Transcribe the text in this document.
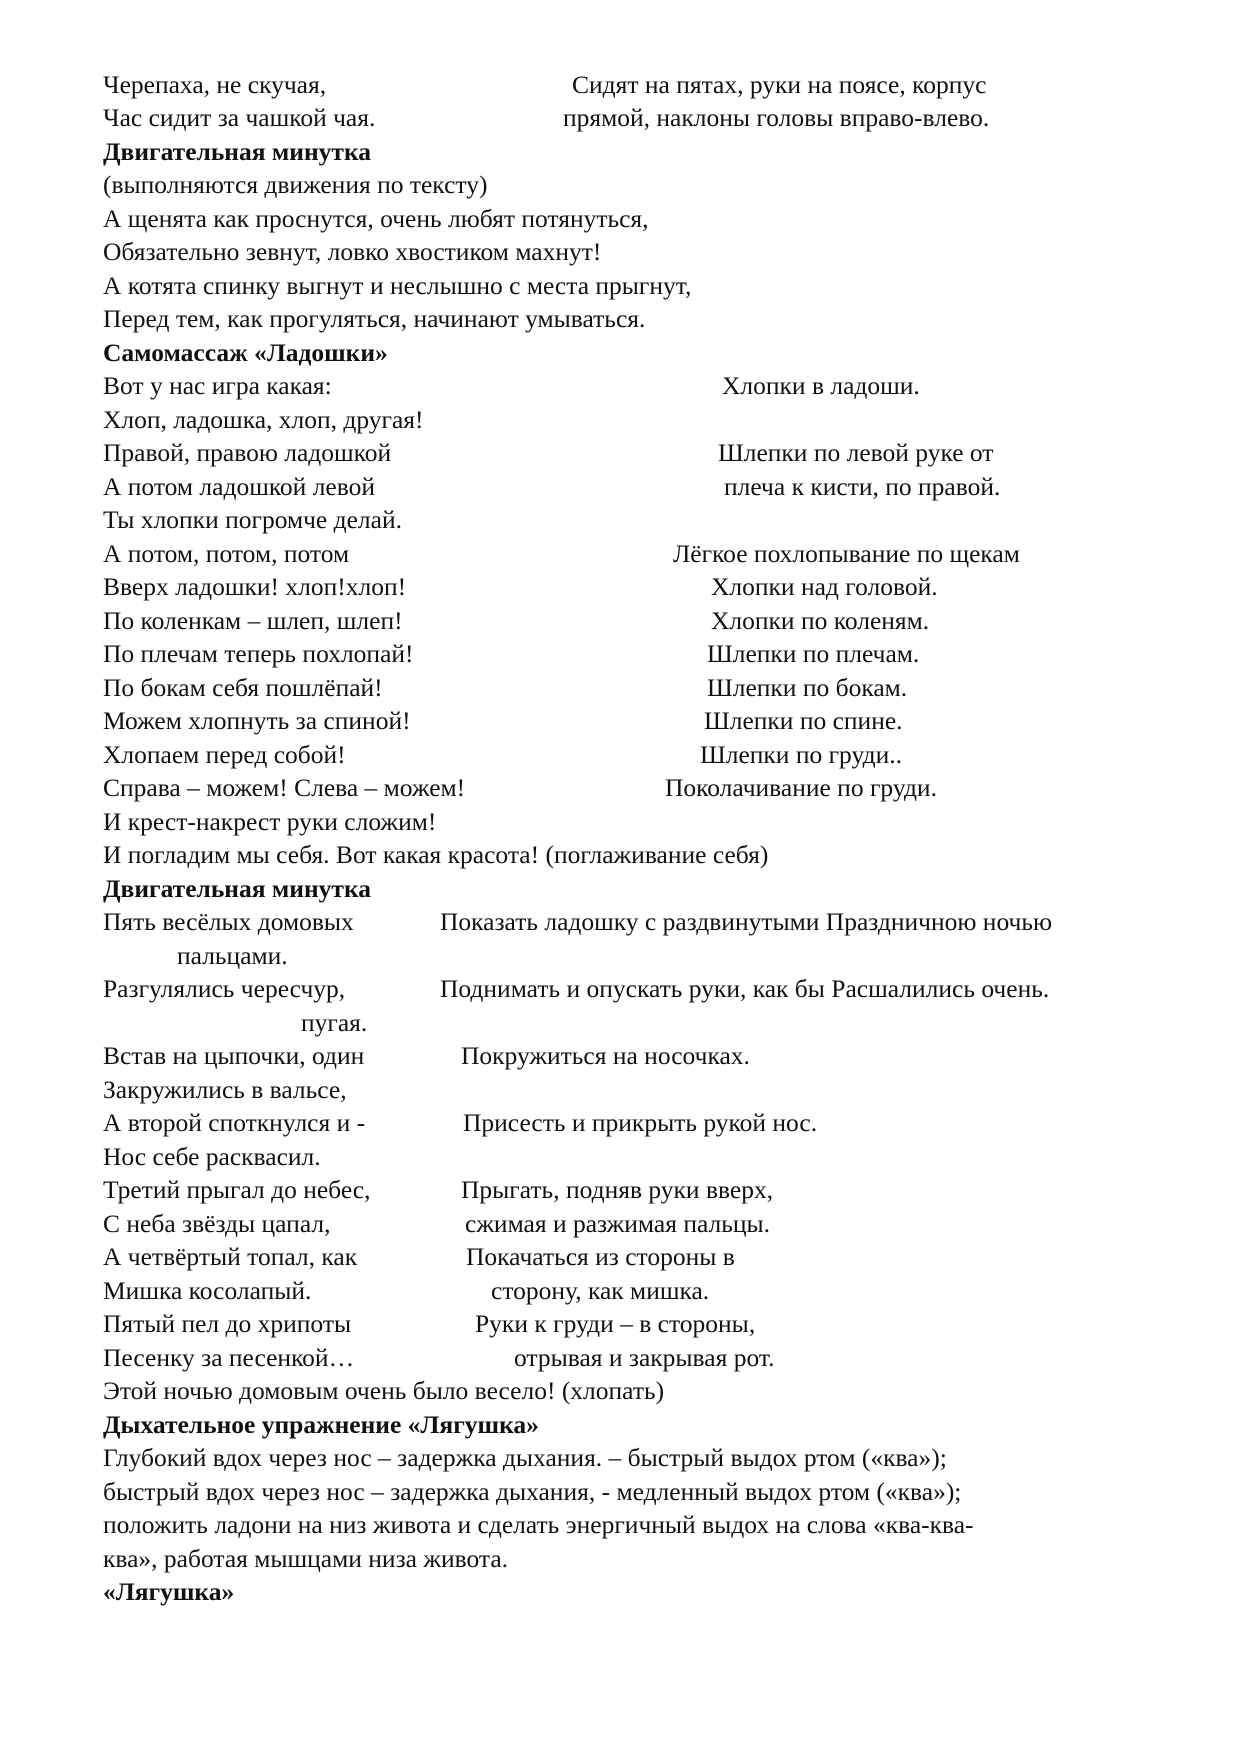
Черепаха, не скучая,	Сидят на пятах, руки на поясе, корпус
Час сидит за чашкой чая.	прямой, наклоны головы вправо-влево.
Двигательная минутка
(выполняются движения по тексту)
А щенята как проснутся, очень любят потянуться,
Обязательно зевнут, ловко хвостиком махнут!
А котята спинку выгнут и неслышно с места прыгнут,
Перед тем, как прогуляться, начинают умываться.
Самомассаж «Ладошки»
Вот у нас игра какая:	Хлопки в ладоши.
Хлоп, ладошка, хлоп, другая!
Правой, правою ладошкой	Шлепки по левой руке от
А потом ладошкой левой	плеча к кисти, по правой.
Ты хлопки погромче делай.
А потом, потом, потом	Лёгкое похлопывание по щекам
Вверх ладошки! хлоп!хлоп!	Хлопки над головой.
По коленкам – шлеп, шлеп!	Хлопки по коленям.
По плечам теперь похлопай!	Шлепки по плечам.
По бокам себя пошлёпай!	Шлепки по бокам.
Можем хлопнуть за спиной!	Шлепки по спине.
Хлопаем перед собой!	Шлепки по груди..
Справа – можем! Слева – можем!	Поколачивание по груди.
И крест-накрест руки сложим!
И погладим мы себя. Вот какая красота! (поглаживание себя)
Двигательная минутка
Пять весёлых домовых	Показать ладошку с раздвинутыми Праздничною ночью
пальцами.
Разгулялись чересчур,	Поднимать и опускать руки, как бы Расшалились очень.
пугая.
Встав на цыпочки, один	Покружиться на носочках.
Закружились в вальсе,
А второй споткнулся и -	Присесть и прикрыть рукой нос.
Нос себе расквасил.
Третий прыгал до небес,	Прыгать, подняв руки вверх,
С неба звёзды цапал,	сжимая и разжимая пальцы.
А четвёртый топал, как	Покачаться из стороны в
Мишка косолапый.	сторону, как мишка.
Пятый пел до хрипоты	Руки к груди – в стороны,
Песенку за песенкой…	отрывая и закрывая рот.
Этой ночью домовым очень было весело! (хлопать)
Дыхательное упражнение «Лягушка»
Глубокий вдох через нос – задержка дыхания. – быстрый выдох ртом («ква»);
быстрый вдох через нос – задержка дыхания, - медленный выдох ртом («ква»);
положить ладони на низ живота и сделать энергичный выдох на слова «ква-ква-
ква», работая мышцами низа живота.
«Лягушка»
